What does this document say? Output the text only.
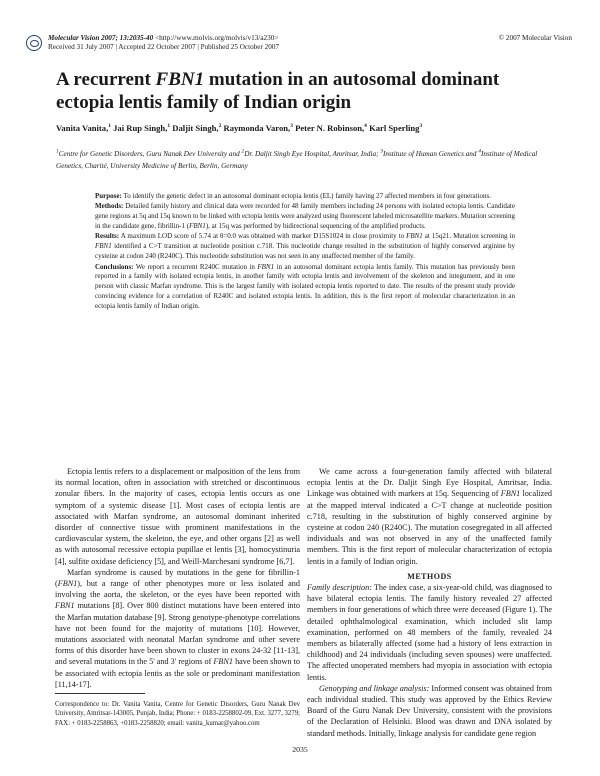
Molecular Vision 2007; 13:2035-40 <http://www.molvis.org/molvis/v13/a230>
Received 31 July 2007 | Accepted 22 October 2007 | Published 25 October 2007
© 2007 Molecular Vision
A recurrent FBN1 mutation in an autosomal dominant ectopia lentis family of Indian origin
Vanita Vanita,$^1$ Jai Rup Singh,$^1$ Daljit Singh,$^2$ Raymonda Varon,$^3$ Peter N. Robinson,$^4$ Karl Sperling$^3$
$^1$Centre for Genetic Disorders, Guru Nanak Dev University and $^2$Dr. Daljit Singh Eye Hospital, Amritsar, India; $^3$Institute of Human Genetics and $^4$Institute of Medical Genetics, Charité, University Medicine of Berlin, Berlin, Germany

Purpose: To identify the genetic defect in an autosomal dominant ectopia lentis (EL) family having 27 affected members in four generations.

Methods: Detailed family history and clinical data were recorded for 48 family members including 24 persons with isolated ectopia lentis. Candidate gene regions at 5q and 15q known to be linked with ectopia lentis were analyzed using fluorescent labeled microsatellite markers. Mutation screening in the candidate gene, fibrillin-1 (FBN1), at 15q was performed by bidirectional sequencing of the amplified products.

Results: A maximum LOD score of 5.74 at θ=0.0 was obtained with marker D15S1024 in close proximity to FBN1 at 15q21. Mutation screening in FBN1 identified a C>T transition at nucleotide position c.718. This nucleotide change resulted in the substitution of highly conserved arginine by cysteine at codon 240 (R240C). This nucleotide substitution was not seen in any unaffected member of the family.

Conclusions: We report a recurrent R240C mutation in FBN1 in an autosomal dominant ectopia lentis family. This mutation has previously been reported in a family with isolated ectopia lentis, in another family with ectopia lentis and involvement of the skeleton and integument, and in one person with classic Marfan syndrome. This is the largest family with isolated ectopia lentis reported to date. The results of the present study provide convincing evidence for a correlation of R240C and isolated ectopia lentis. In addition, this is the first report of molecular characterization in an ectopia lentis family of Indian origin.

Ectopia lentis refers to a displacement or malposition of the lens from its normal location, often in association with stretched or discontinuous zonular fibers. In the majority of cases, ectopia lentis occurs as one symptom of a systemic disease [1]. Most cases of ectopia lentis are associated with Marfan syndrome, an autosomal dominant inherited disorder of connective tissue with prominent manifestations in the cardiovascular system, the skeleton, the eye, and other organs [2] as well as with autosomal recessive ectopia pupillae et lentis [3], homocystinuria [4], sulfite oxidase deficiency [5], and Weill-Marchesani syndrome [6,7].

Marfan syndrome is caused by mutations in the gene for fibrillin-1 (FBN1), but a range of other phenotypes more or less isolated and involving the aorta, the skeleton, or the eyes have been reported with FBN1 mutations [8]. Over 800 distinct mutations have been entered into the Marfan mutation database [9]. Strong genotype-phenotype correlations have not been found for the majority of mutations [10]. However, mutations associated with neonatal Marfan syndrome and other severe forms of this disorder have been shown to cluster in exons 24-32 [11-13], and several mutations in the 5' and 3' regions of FBN1 have been shown to be associated with ectopia lentis as the sole or predominant manifestation [11,14-17].

We came across a four-generation family affected with bilateral ectopia lentis at the Dr. Daljit Singh Eye Hospital, Amritsar, India. Linkage was obtained with markers at 15q. Sequencing of FBN1 localized at the mapped interval indicated a C>T change at nucleotide position c.718, resulting in the substitution of highly conserved arginine by cysteine at codon 240 (R240C). The mutation cosegregated in all affected individuals and was not observed in any of the unaffected family members. This is the first report of molecular characterization of ectopia lentis in a family of Indian origin.

METHODS

Family description: The index case, a six-year-old child, was diagnosed to have bilateral ectopia lentis. The family history revealed 27 affected members in four generations of which three were deceased (Figure 1). The detailed ophthalmological examination, which included slit lamp examination, performed on 48 members of the family, revealed 24 members as bilaterally affected (some had a history of lens extraction in childhood) and 24 individuals (including seven spouses) were unaffected. The affected unoperated members had myopia in association with ectopia lentis.

Genotyping and linkage analysis: Informed consent was obtained from each individual studied. This study was approved by the Ethics Review Board of the Guru Nanak Dev University, consistent with the provisions of the Declaration of Helsinki. Blood was drawn and DNA isolated by standard methods. Initially, linkage analysis for candidate gene region

Correspondence to: Dr. Vanita Vanita, Centre for Genetic Disorders, Guru Nanak Dev University, Amritsar-143005, Punjab, India; Phone: + 0183-2258802-09, Ext. 3277, 3279; FAX: + 0183-2258863, +0183-2258820; email: vanita_kumar@yahoo.com
2035
